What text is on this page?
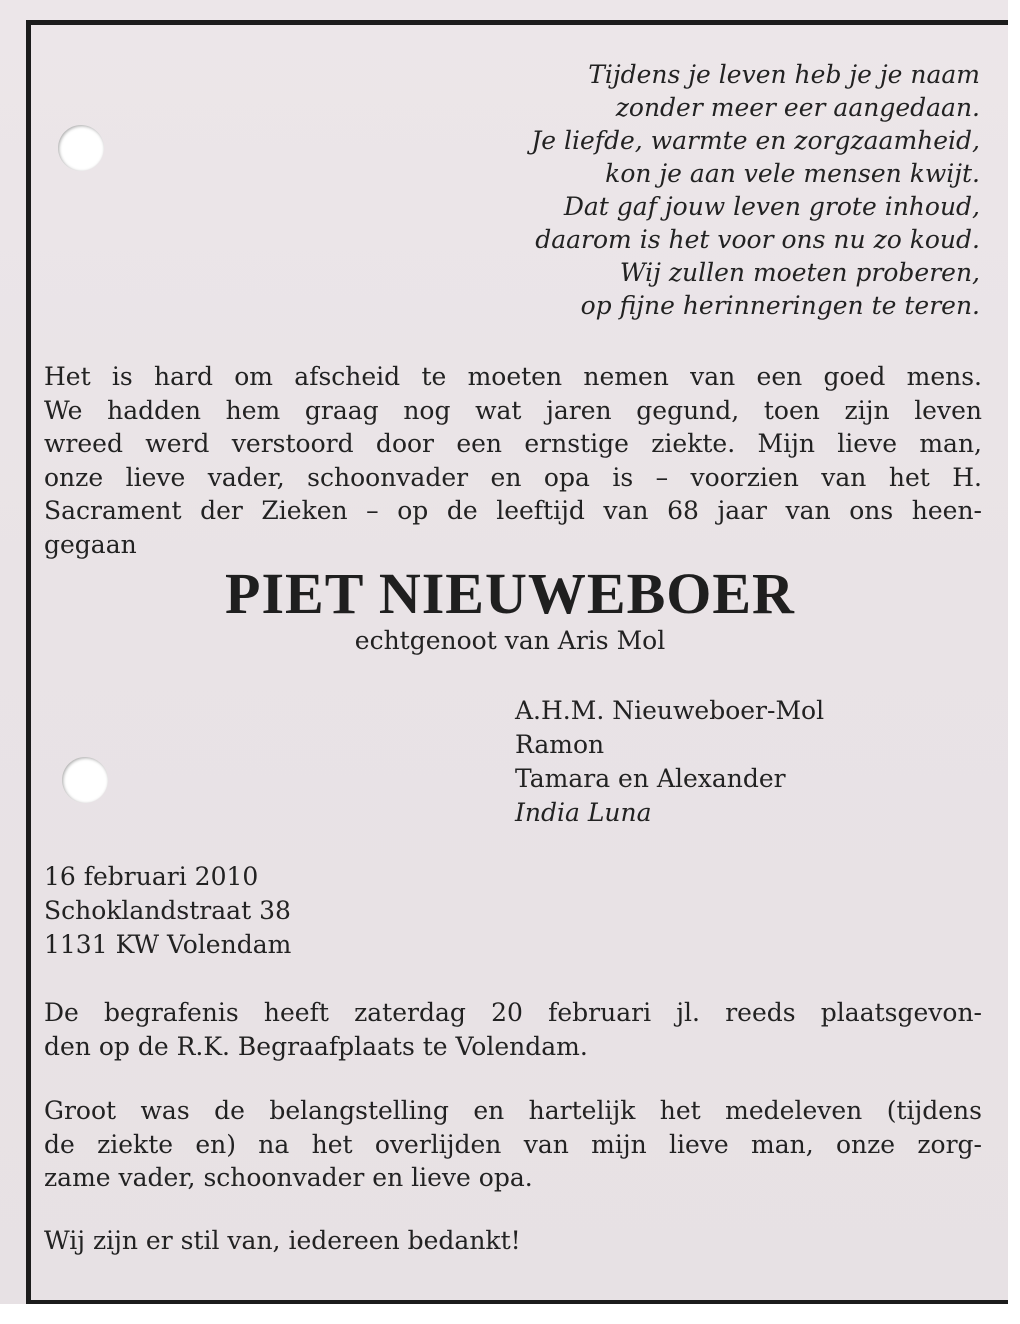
Tijdens je leven heb je je naam
zonder meer eer aangedaan.
Je liefde, warmte en zorgzaamheid,
kon je aan vele mensen kwijt.
Dat gaf jouw leven grote inhoud,
daarom is het voor ons nu zo koud.
Wij zullen moeten proberen,
op fijne herinneringen te teren.

Het is hard om afscheid te moeten nemen van een goed mens.
We hadden hem graag nog wat jaren gegund, toen zijn leven
wreed werd verstoord door een ernstige ziekte. Mijn lieve man,
onze lieve vader, schoonvader en opa is – voorzien van het H.
Sacrament der Zieken – op de leeftijd van 68 jaar van ons heen-
gegaan

PIET NIEUWEBOER

echtgenoot van Aris Mol

A.H.M. Nieuweboer-Mol
Ramon
Tamara en Alexander
India Luna
16 februari 2010
Schoklandstraat 38
1131 KW Volendam

De begrafenis heeft zaterdag 20 februari jl. reeds plaatsgevon-
den op de R.K. Begraafplaats te Volendam.

Groot was de belangstelling en hartelijk het medeleven (tijdens
de ziekte en) na het overlijden van mijn lieve man, onze zorg-
zame vader, schoonvader en lieve opa.

Wij zijn er stil van, iedereen bedankt!
